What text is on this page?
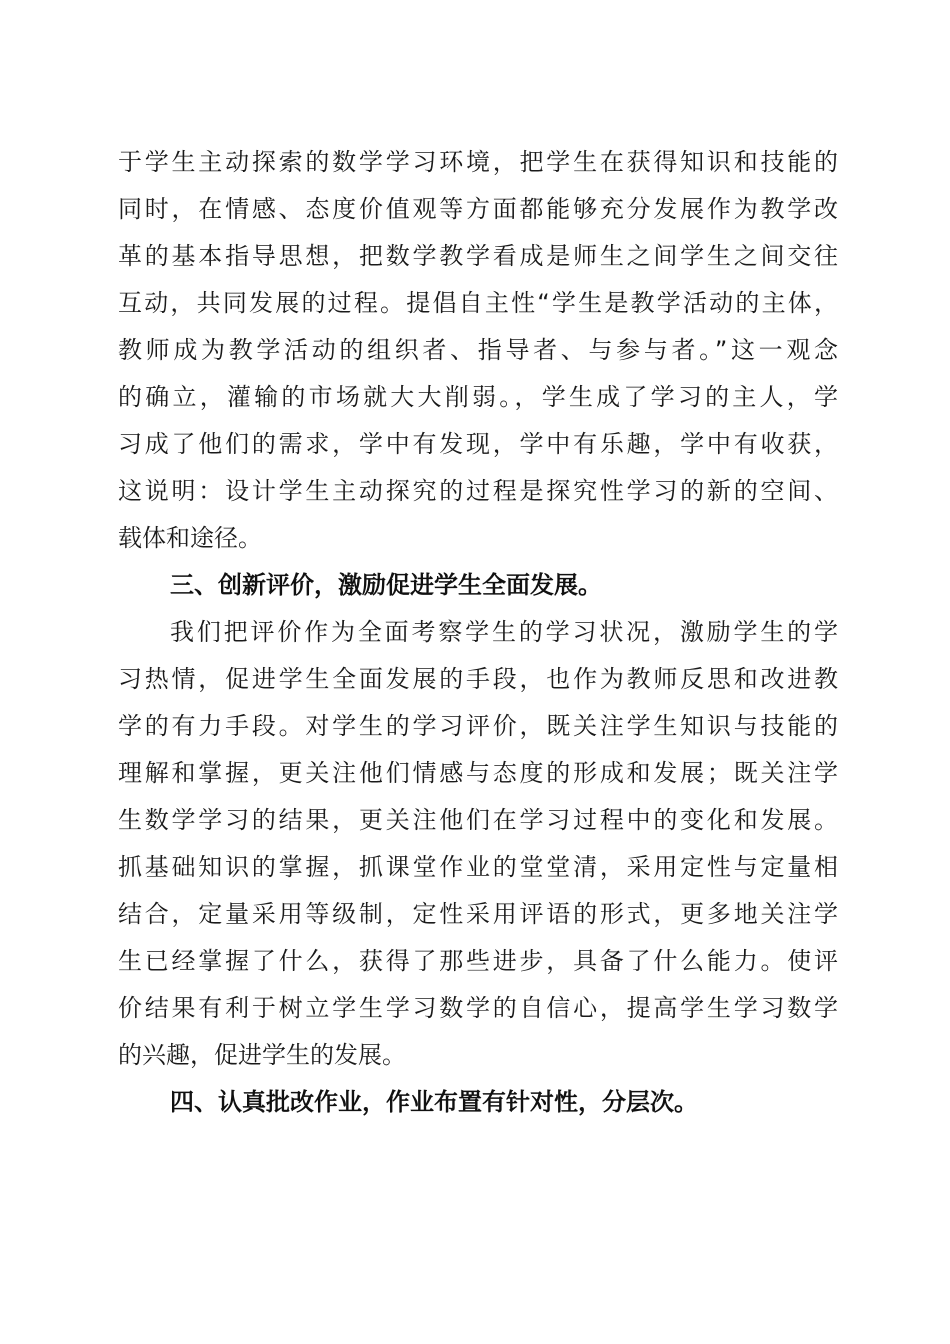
于学生主动探索的数学学习环境，把学生在获得知识和技能的

同时，在情感、态度价值观等方面都能够充分发展作为教学改

革的基本指导思想，把数学教学看成是师生之间学生之间交往

互动，共同发展的过程。提倡自主性“学生是教学活动的主体，

教师成为教学活动的组织者、指导者、与参与者。”这一观念

的确立，灌输的市场就大大削弱。，学生成了学习的主人，学

习成了他们的需求，学中有发现，学中有乐趣，学中有收获，

这说明：设计学生主动探究的过程是探究性学习的新的空间、

载体和途径。

三、创新评价，激励促进学生全面发展。

我们把评价作为全面考察学生的学习状况，激励学生的学

习热情，促进学生全面发展的手段，也作为教师反思和改进教

学的有力手段。对学生的学习评价，既关注学生知识与技能的

理解和掌握，更关注他们情感与态度的形成和发展；既关注学

生数学学习的结果，更关注他们在学习过程中的变化和发展。

抓基础知识的掌握，抓课堂作业的堂堂清，采用定性与定量相

结合，定量采用等级制，定性采用评语的形式，更多地关注学

生已经掌握了什么，获得了那些进步，具备了什么能力。使评

价结果有利于树立学生学习数学的自信心，提高学生学习数学

的兴趣，促进学生的发展。

四、认真批改作业，作业布置有针对性，分层次。
